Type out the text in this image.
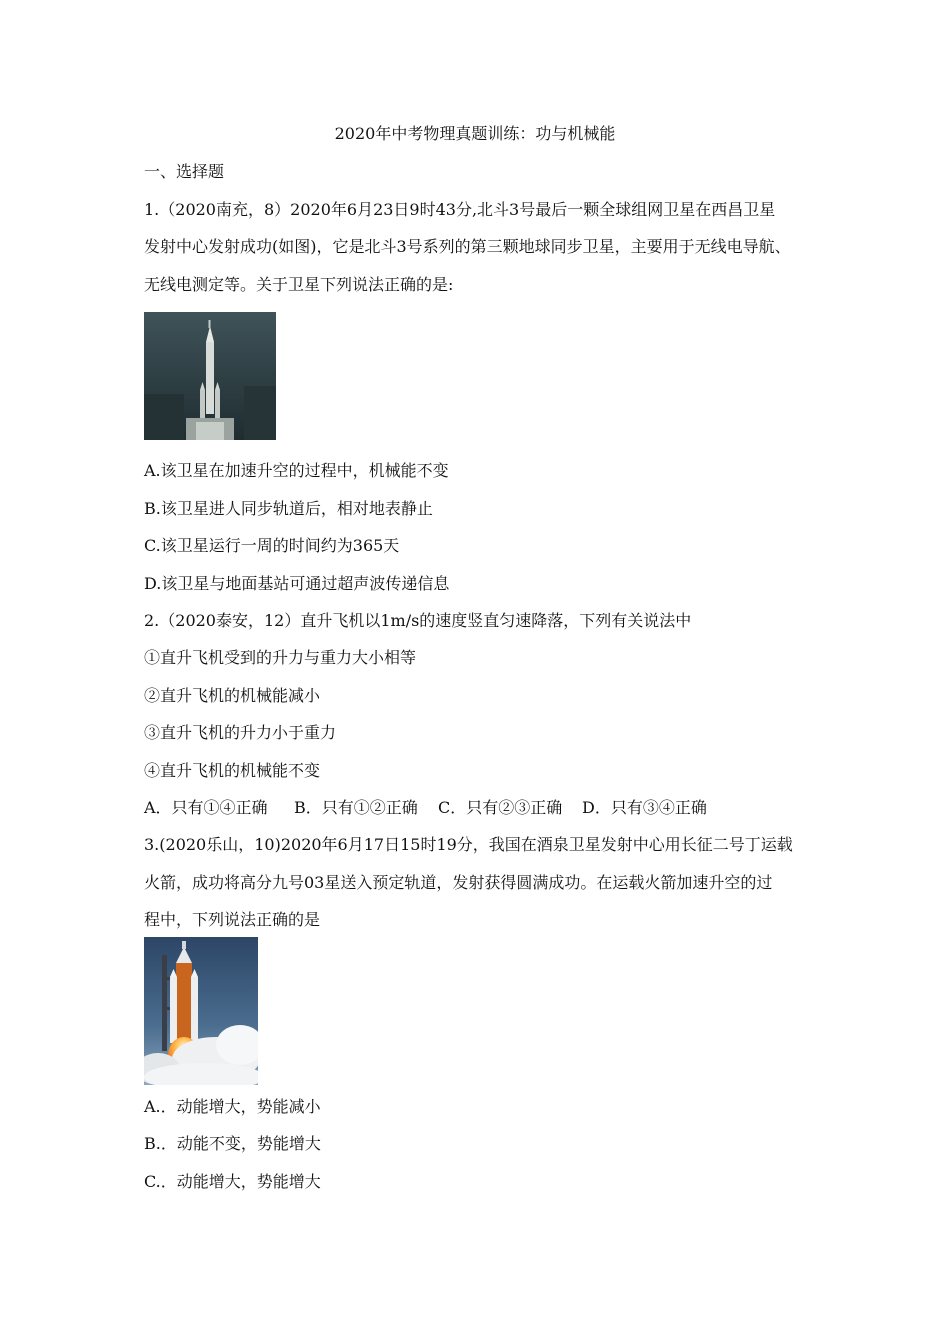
2020年中考物理真题训练：功与机械能
一、选择题
1.（2020南充，8）2020年6月23日9时43分,北斗3号最后一颗全球组网卫星在西昌卫星
发射中心发射成功(如图)，它是北斗3号系列的第三颗地球同步卫星，主要用于无线电导航、
无线电测定等。关于卫星下列说法正确的是:
A.该卫星在加速升空的过程中，机械能不变
B.该卫星进人同步轨道后，相对地表静止
C.该卫星运行一周的时间约为365天
D.该卫星与地面基站可通过超声波传递信息
2.（2020泰安，12）直升飞机以1m/s的速度竖直匀速降落，下列有关说法中
①直升飞机受到的升力与重力大小相等
②直升飞机的机械能减小
③直升飞机的升力小于重力
④直升飞机的机械能不变
A．只有①④正确 B．只有①②正确 C．只有②③正确 D．只有③④正确
3.(2020乐山，10)2020年6月17日15时19分，我国在酒泉卫星发射中心用长征二号丁运载
火箭，成功将高分九号03星送入预定轨道，发射获得圆满成功。在运载火箭加速升空的过
程中，下列说法正确的是
A.．动能增大，势能减小
B.．动能不变，势能增大
C.．动能增大，势能增大
